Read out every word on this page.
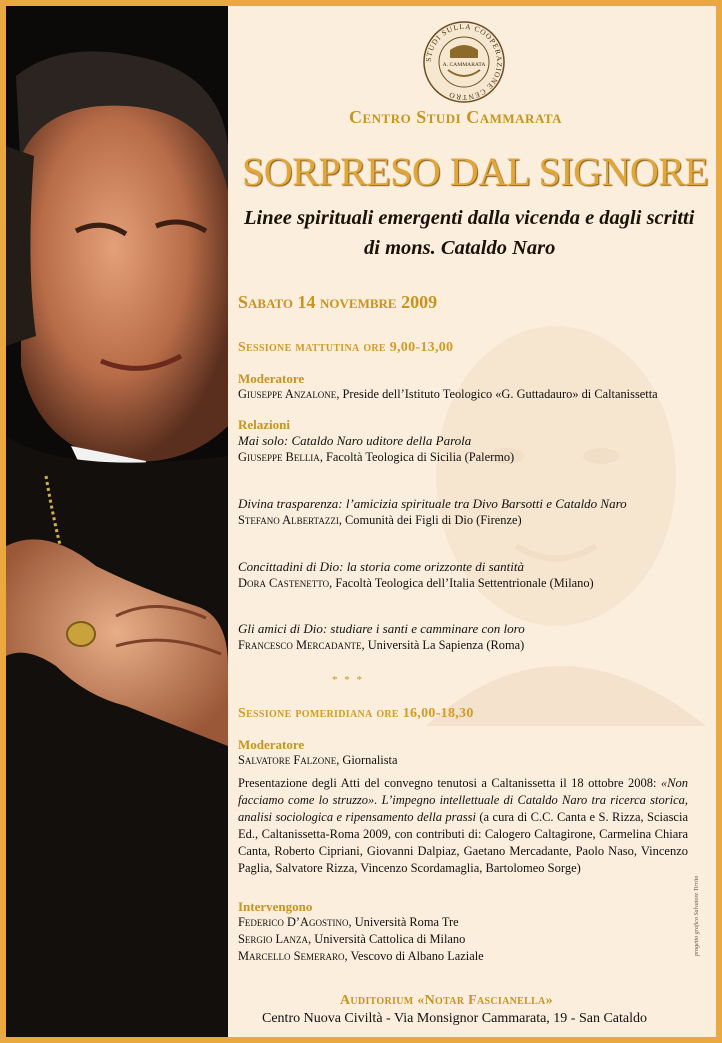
STUDI SULLA COOPERAZIONE CENTRO
A. CAMMARATA
Centro Studi Cammarata
SORPRESO DAL SIGNORE
Linee spirituali emergenti dalla vicenda e dagli scritti
di mons. Cataldo Naro
Sabato 14 novembre 2009
Sessione mattutina ore 9,00-13,00
Moderatore
Giuseppe Anzalone, Preside dell’Istituto Teologico «G. Guttadauro» di Caltanissetta
Relazioni
Mai solo: Cataldo Naro uditore della Parola
Giuseppe Bellia, Facoltà Teologica di Sicilia (Palermo)
Divina trasparenza: l’amicizia spirituale tra Divo Barsotti e Cataldo Naro
Stefano Albertazzi, Comunità dei Figli di Dio (Firenze)
Concittadini di Dio: la storia come orizzonte di santità
Dora Castenetto, Facoltà Teologica dell’Italia Settentrionale (Milano)
Gli amici di Dio: studiare i santi e camminare con loro
Francesco Mercadante, Università La Sapienza (Roma)
* * *
Sessione pomeridiana ore 16,00-18,30
Moderatore
Salvatore Falzone, Giornalista
Presentazione degli Atti del convegno tenutosi a Caltanissetta il 18 ottobre 2008: «Non facciamo come lo struzzo». L’impegno intellettuale di Cataldo Naro tra ricerca storica, analisi sociologica e ripensamento della prassi (a cura di C.C. Canta e S. Rizza, Sciascia Ed., Caltanissetta-Roma 2009, con contributi di: Calogero Caltagirone, Carmelina Chiara Canta, Roberto Cipriani, Giovanni Dalpiaz, Gaetano Mercadante, Paolo Naso, Vincenzo Paglia, Salvatore Rizza, Vincenzo Scordamaglia, Bartolomeo Sorge)
Intervengono
Federico D’Agostino, Università Roma Tre
Sergio Lanza, Università Cattolica di Milano
Marcello Semeraro, Vescovo di Albano Laziale
Auditorium «Notar Fascianella»
Centro Nuova Civiltà - Via Monsignor Cammarata, 19 - San Cataldo
progetto grafico Salvatore Tirrito
